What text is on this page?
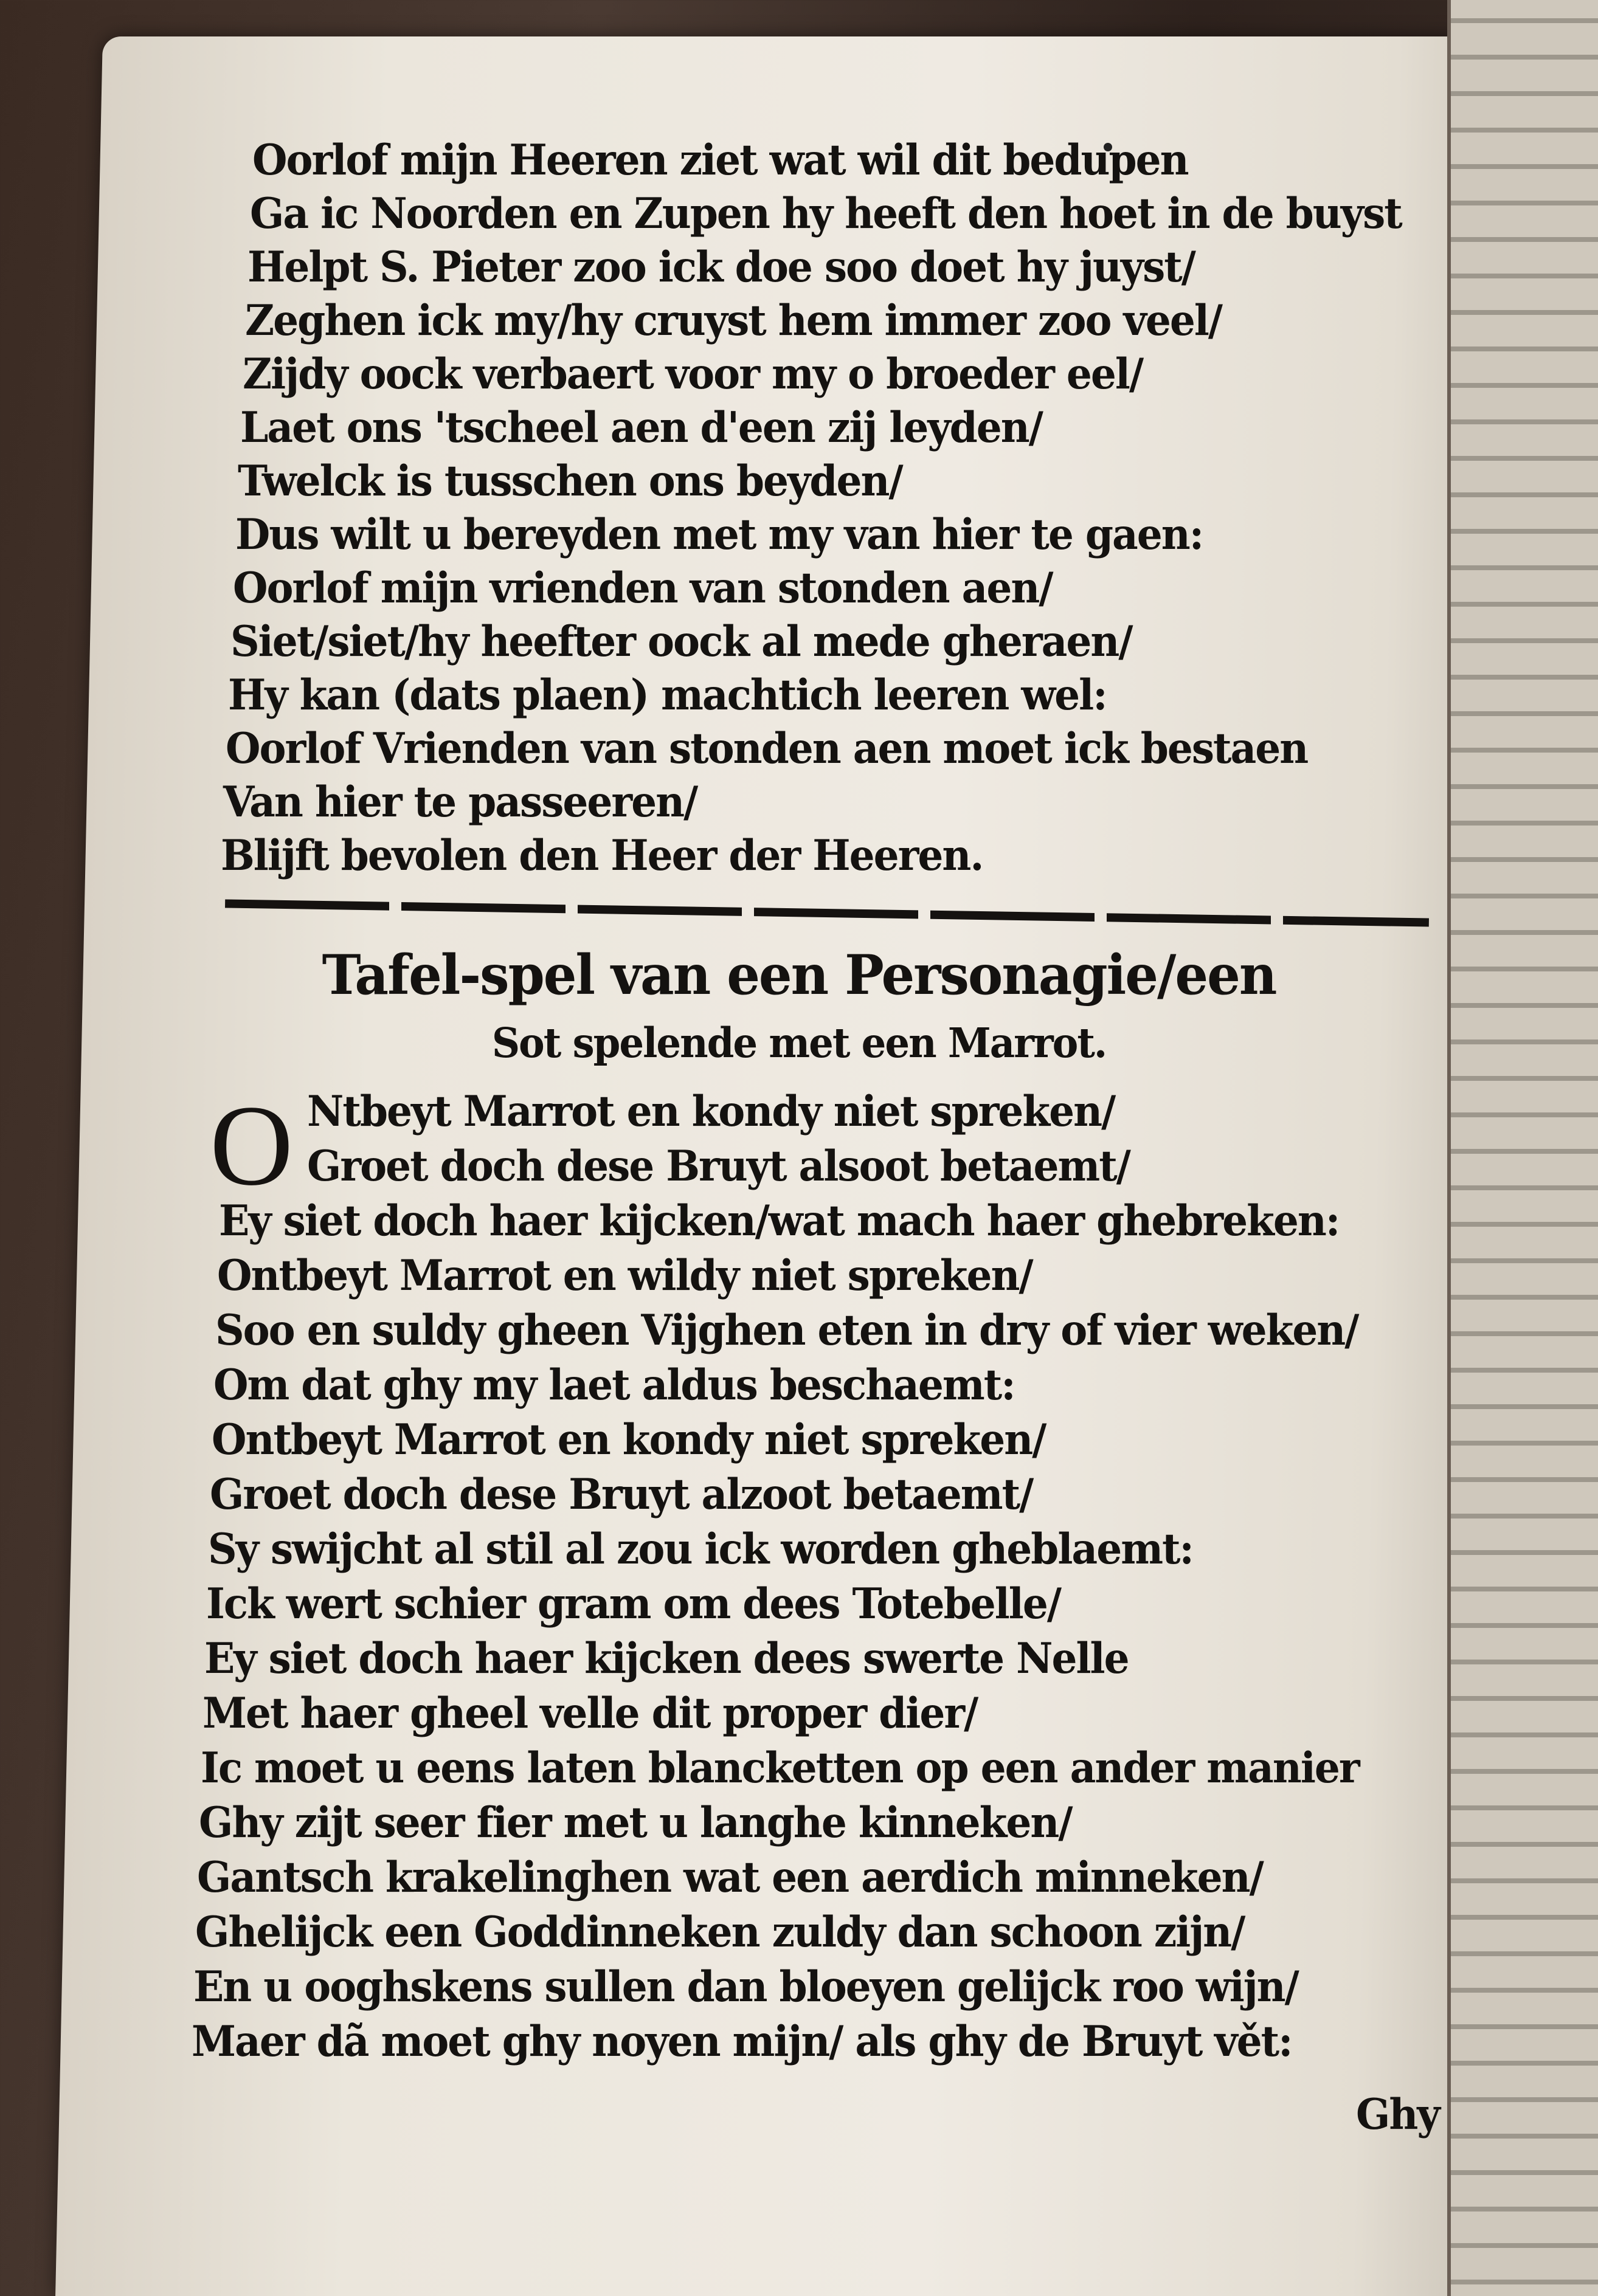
Oorlof mijn Heeren ziet wat wil dit bedupen
Ga ic Noorden en Zupen hy heeft den hoet in de buyst
Helpt S. Pieter zoo ick doe soo doet hy juyst/
Zeghen ick my/hy cruyst hem immer zoo veel/
Zijdy oock verbaert voor my o broeder eel/
Laet ons 'tscheel aen d'een zij leyden/
Twelck is tusschen ons beyden/
Dus wilt u bereyden met my van hier te gaen:
Oorlof mijn vrienden van stonden aen/
Siet/siet/hy heefter oock al mede gheraen/
Hy kan (dats plaen) machtich leeren wel:
Oorlof Vrienden van stonden aen moet ick bestaen
Van hier te passeeren/
Blijft bevolen den Heer der Heeren.
Tafel-spel van een Personagie/een
Sot spelende met een Marrot.
O Ntbeyt Marrot en kondy niet spreken/
Groet doch dese Bruyt alsoot betaemt/
Ey siet doch haer kijcken/wat mach haer ghebreken:
Ontbeyt Marrot en wildy niet spreken/
Soo en suldy gheen Vijghen eten in dry of vier weken/
Om dat ghy my laet aldus beschaemt:
Ontbeyt Marrot en kondy niet spreken/
Groet doch dese Bruyt alzoot betaemt/
Sy swijcht al stil al zou ick worden gheblaemt:
Ick wert schier gram om dees Totebelle/
Ey siet doch haer kijcken dees swerte Nelle
Met haer gheel velle dit proper dier/
Ic moet u eens laten blancketten op een ander manier
Ghy zijt seer fier met u langhe kinneken/
Gantsch krakelinghen wat een aerdich minneken/
Ghelijck een Goddinneken zuldy dan schoon zijn/
En u ooghskens sullen dan bloeyen gelijck roo wijn/
Maer dã moet ghy noyen mijn/ als ghy de Bruyt vět:
Ghy
